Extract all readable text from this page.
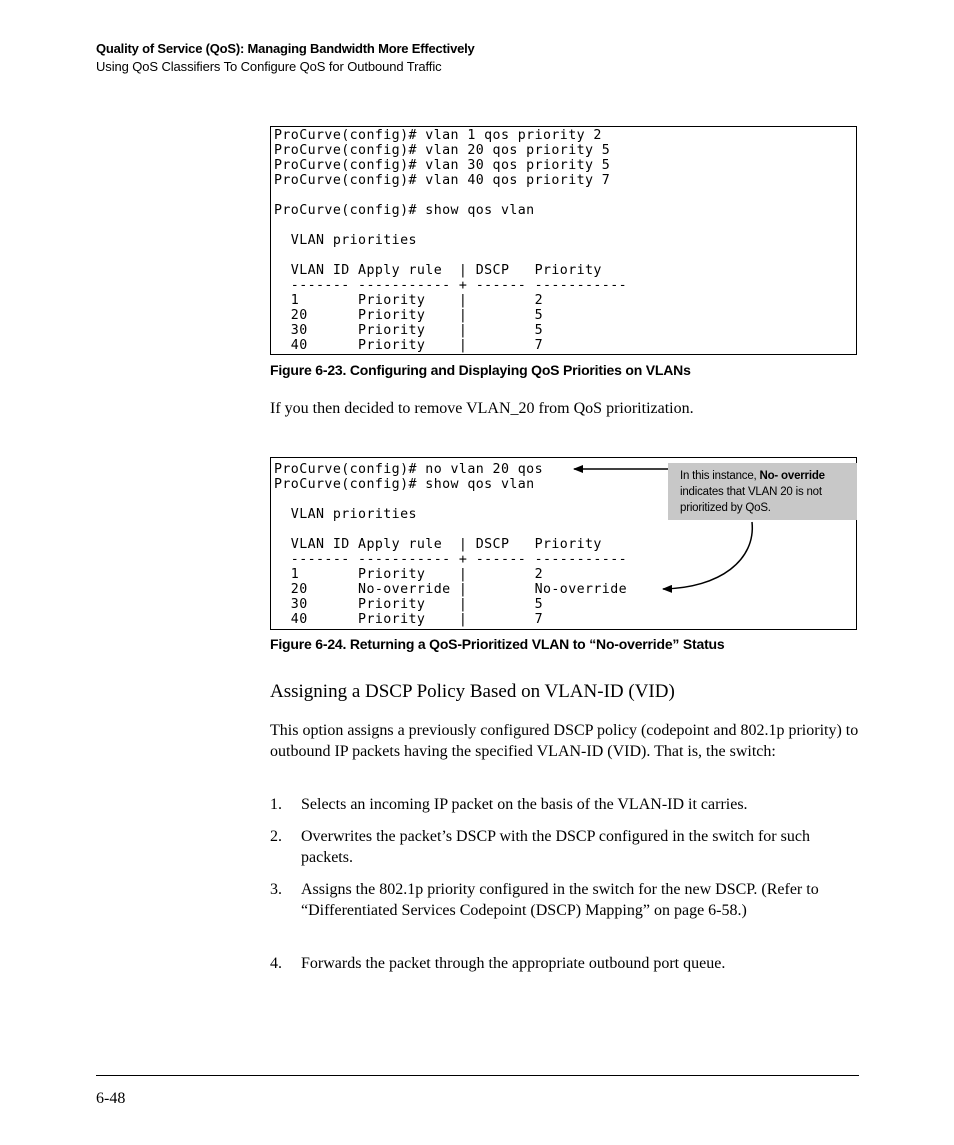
Quality of Service (QoS): Managing Bandwidth More Effectively
Using QoS Classifiers To Configure QoS for Outbound Traffic
ProCurve(config)# vlan 1 qos priority 2
ProCurve(config)# vlan 20 qos priority 5
ProCurve(config)# vlan 30 qos priority 5
ProCurve(config)# vlan 40 qos priority 7

ProCurve(config)# show qos vlan

VLAN priorities

VLAN ID Apply rule  | DSCP   Priority
------- ----------- + ------ -----------
1       Priority    |        2
20      Priority    |        5
30      Priority    |        5
40      Priority    |        7
Figure 6-23. Configuring and Displaying QoS Priorities on VLANs
If you then decided to remove VLAN_20 from QoS prioritization.
ProCurve(config)# no vlan 20 qos
ProCurve(config)# show qos vlan

VLAN priorities

VLAN ID Apply rule  | DSCP   Priority
------- ----------- + ------ -----------
1       Priority    |        2
20      No-override |        No-override
30      Priority    |        5
40      Priority    |        7
In this instance, No- override indicates that VLAN 20 is not prioritized by QoS.
Figure 6-24. Returning a QoS-Prioritized VLAN to “No-override” Status
Assigning a DSCP Policy Based on VLAN-ID (VID)
This option assigns a previously configured DSCP policy (codepoint and 802.1p priority) to outbound IP packets having the specified VLAN-ID (VID). That is, the switch:
1. Selects an incoming IP packet on the basis of the VLAN-ID it carries.
2. Overwrites the packet’s DSCP with the DSCP configured in the switch for such packets.
3. Assigns the 802.1p priority configured in the switch for the new DSCP. (Refer to “Differentiated Services Codepoint (DSCP) Mapping” on page 6-58.)
4. Forwards the packet through the appropriate outbound port queue.
6-48
